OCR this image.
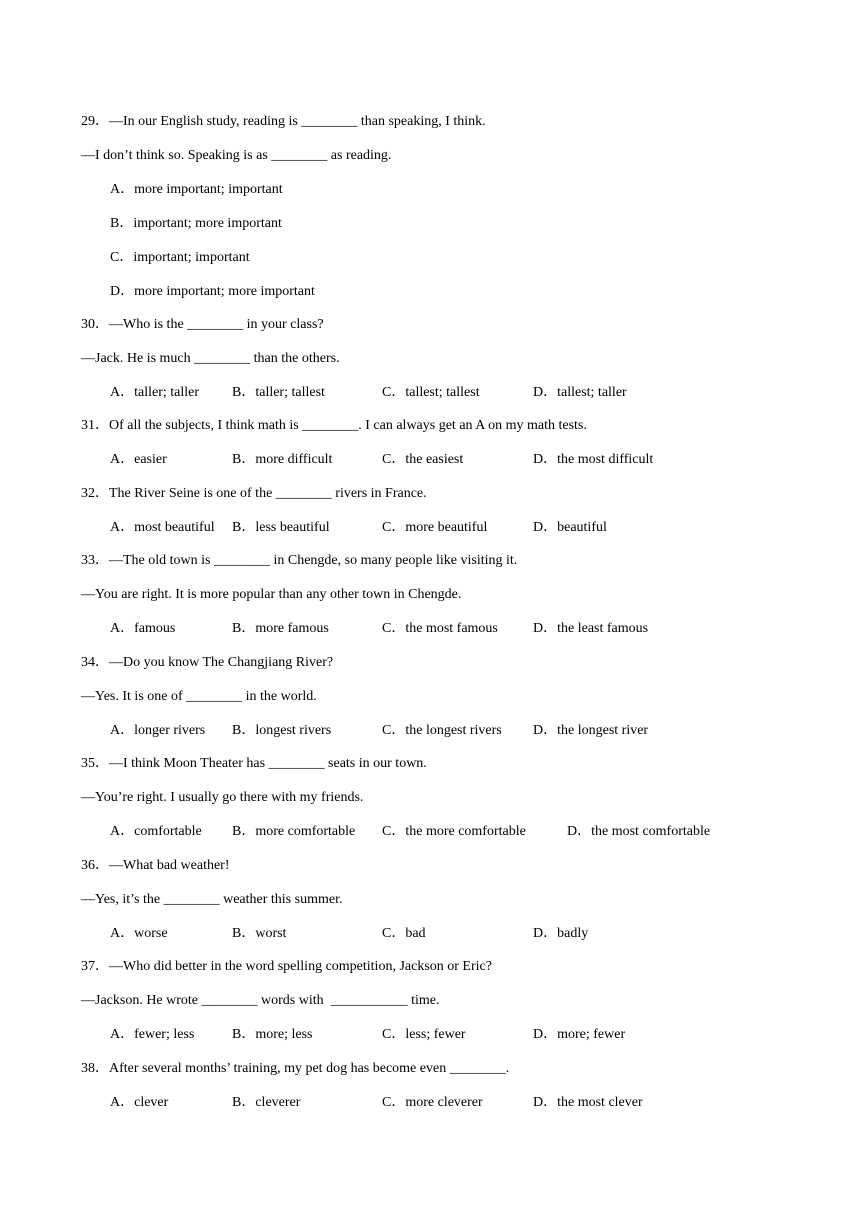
29．—In our English study, reading is ________ than speaking, I think.
—I don’t think so. Speaking is as ________ as reading.
A．more important; important
B．important; more important
C．important; important
D．more important; more important
30．—Who is the ________ in your class?
—Jack. He is much ________ than the others.
A．taller; taller B．taller; tallest	C．tallest; tallest	D．tallest; taller
31．Of all the subjects, I think math is ________. I can always get an A on my math tests.
A．easier	B．more difficult	C．the easiest	D．the most difficult
32．The River Seine is one of the ________ rivers in France.
A．most beautiful B．less beautiful	C．more beautiful	D．beautiful
33．—The old town is ________ in Chengde, so many people like visiting it.
—You are right. It is more popular than any other town in Chengde.
A．famous	B．more famous	C．the most famous	D．the least famous
34．—Do you know The Changjiang River?
—Yes. It is one of ________ in the world.
A．longer rivers B．longest rivers	C．the longest rivers D．the longest river
35．—I think Moon Theater has ________ seats in our town.
—You’re right. I usually go there with my friends.
A．comfortable B．more comfortable C．the more comfortable	D．the most comfortable
36．—What bad weather!
—Yes, it’s the ________ weather this summer.
A．worse	B．worst	C．bad	D．badly
37．—Who did better in the word spelling competition, Jackson or Eric?
—Jackson. He wrote ________ words with  ___________ time.
A．fewer; less	B．more; less	C．less; fewer	D．more; fewer
38．After several months’ training, my pet dog has become even ________.
A．clever	B．cleverer	C．more cleverer	D．the most clever
